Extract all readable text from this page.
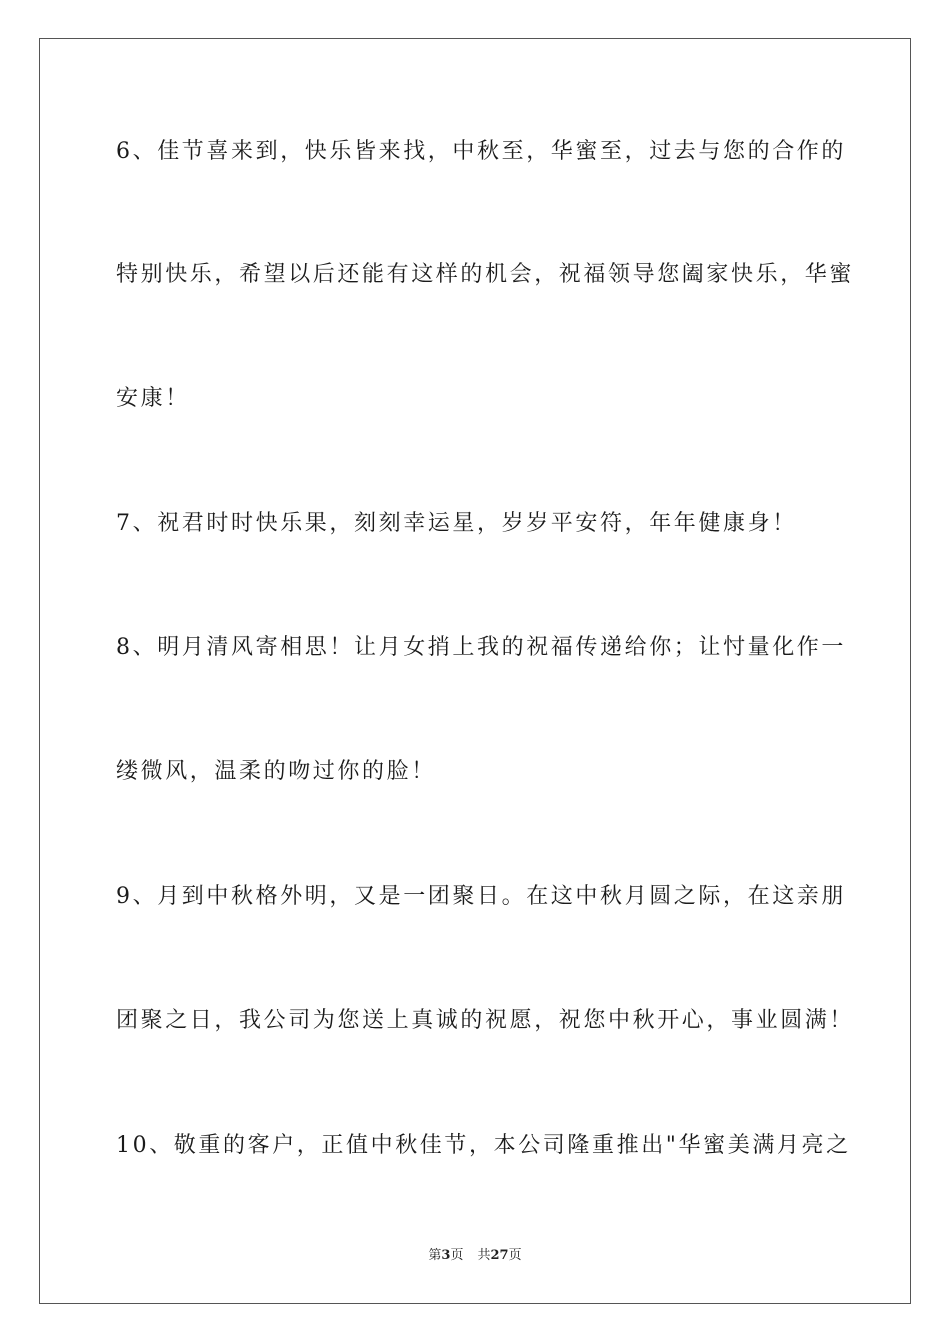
6、佳节喜来到，快乐皆来找，中秋至，华蜜至，过去与您的合作的
特别快乐，希望以后还能有这样的机会，祝福领导您阖家快乐，华蜜
安康！
7、祝君时时快乐果，刻刻幸运星，岁岁平安符，年年健康身！
8、明月清风寄相思！让月女捎上我的祝福传递给你；让忖量化作一
缕微风，温柔的吻过你的脸！
9、月到中秋格外明，又是一团聚日。在这中秋月圆之际，在这亲朋
团聚之日，我公司为您送上真诚的祝愿，祝您中秋开心，事业圆满！
10、敬重的客户，正值中秋佳节，本公司隆重推出"华蜜美满月亮之
第3页 共27页
